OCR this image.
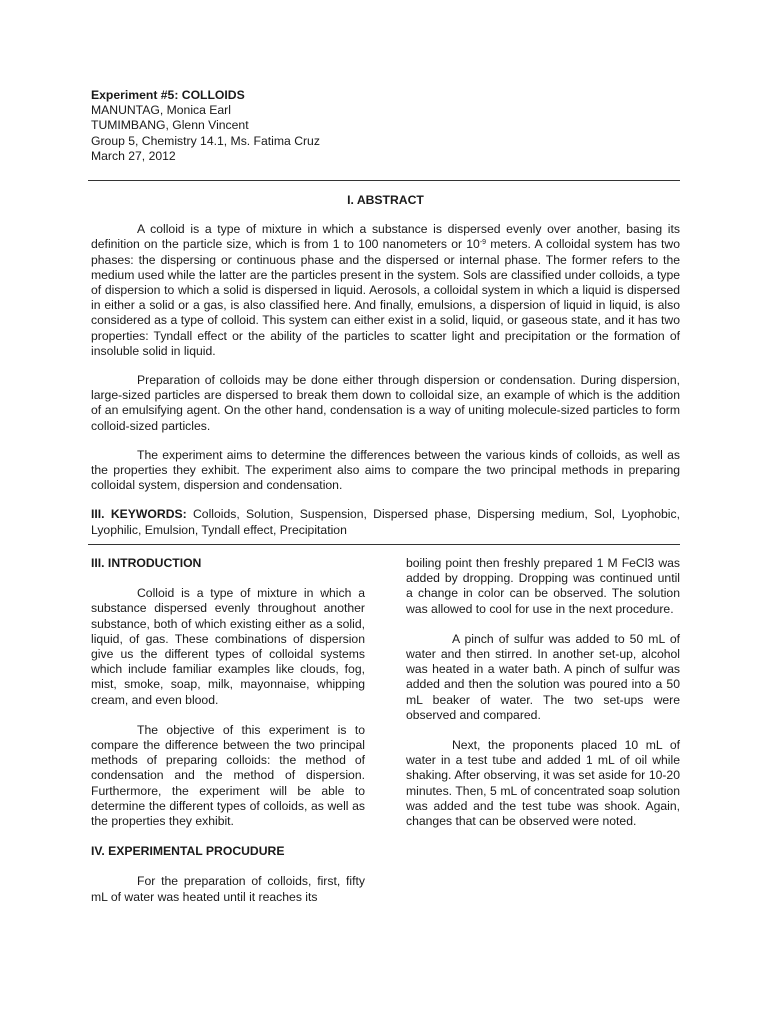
Experiment #5: COLLOIDS
MANUNTAG, Monica Earl
TUMIMBANG, Glenn Vincent
Group 5, Chemistry 14.1, Ms. Fatima Cruz
March 27, 2012
I. ABSTRACT

A colloid is a type of mixture in which a substance is dispersed evenly over another, basing its definition on the particle size, which is from 1 to 100 nanometers or $10^{-9}$ meters. A colloidal system has two phases: the dispersing or continuous phase and the dispersed or internal phase. The former refers to the medium used while the latter are the particles present in the system. Sols are classified under colloids, a type of dispersion to which a solid is dispersed in liquid. Aerosols, a colloidal system in which a liquid is dispersed in either a solid or a gas, is also classified here. And finally, emulsions, a dispersion of liquid in liquid, is also considered as a type of colloid. This system can either exist in a solid, liquid, or gaseous state, and it has two properties: Tyndall effect or the ability of the particles to scatter light and precipitation or the formation of insoluble solid in liquid.

Preparation of colloids may be done either through dispersion or condensation. During dispersion, large-sized particles are dispersed to break them down to colloidal size, an example of which is the addition of an emulsifying agent. On the other hand, condensation is a way of uniting molecule-sized particles to form colloid-sized particles.

The experiment aims to determine the differences between the various kinds of colloids, as well as the properties they exhibit. The experiment also aims to compare the two principal methods in preparing colloidal system, dispersion and condensation.

III. KEYWORDS: Colloids, Solution, Suspension, Dispersed phase, Dispersing medium, Sol, Lyophobic, Lyophilic, Emulsion, Tyndall effect, Precipitation

III. INTRODUCTION

Colloid is a type of mixture in which a substance dispersed evenly throughout another substance, both of which existing either as a solid, liquid, of gas. These combinations of dispersion give us the different types of colloidal systems which include familiar examples like clouds, fog, mist, smoke, soap, milk, mayonnaise, whipping cream, and even blood.

The objective of this experiment is to compare the difference between the two principal methods of preparing colloids: the method of condensation and the method of dispersion. Furthermore, the experiment will be able to determine the different types of colloids, as well as the properties they exhibit.

IV. EXPERIMENTAL PROCUDURE

For the preparation of colloids, first, fifty mL of water was heated until it reaches its

boiling point then freshly prepared 1 M FeCl3 was added by dropping. Dropping was continued until a change in color can be observed. The solution was allowed to cool for use in the next procedure.

A pinch of sulfur was added to 50 mL of water and then stirred. In another set-up, alcohol was heated in a water bath. A pinch of sulfur was added and then the solution was poured into a 50 mL beaker of water. The two set-ups were observed and compared.

Next, the proponents placed 10 mL of water in a test tube and added 1 mL of oil while shaking. After observing, it was set aside for 10-20 minutes. Then, 5 mL of concentrated soap solution was added and the test tube was shook. Again, changes that can be observed were noted.
